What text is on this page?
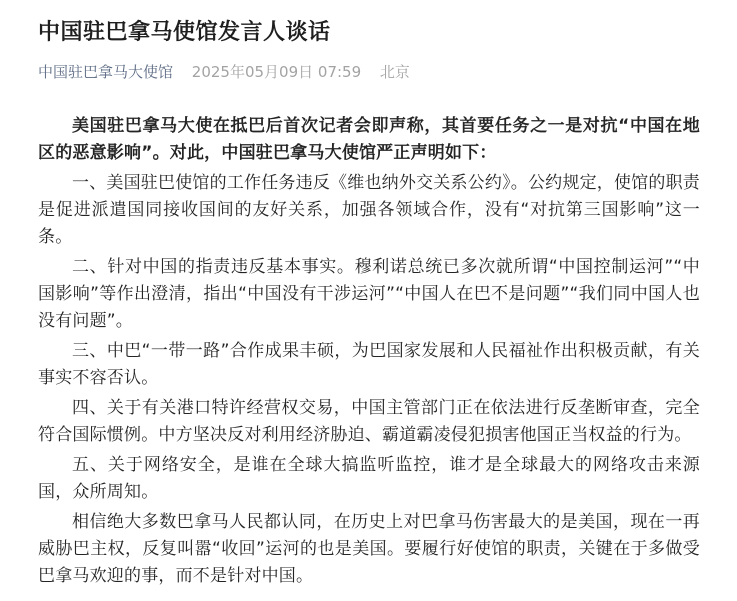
中国驻巴拿马使馆发言人谈话
中国驻巴拿马大使馆 2025年05月09日 07:59 北京

美国驻巴拿马大使在抵巴后首次记者会即声称，其首要任务之一是对抗“中国在地区的恶意影响”。对此，中国驻巴拿马大使馆严正声明如下：

一、美国驻巴使馆的工作任务违反《维也纳外交关系公约》。公约规定，使馆的职责是促进派遣国同接收国间的友好关系，加强各领域合作，没有“对抗第三国影响”这一条。

二、针对中国的指责违反基本事实。穆利诺总统已多次就所谓“中国控制运河”“中国影响”等作出澄清，指出“中国没有干涉运河”“中国人在巴不是问题”“我们同中国人也没有问题”。

三、中巴“一带一路”合作成果丰硕，为巴国家发展和人民福祉作出积极贡献，有关事实不容否认。

四、关于有关港口特许经营权交易，中国主管部门正在依法进行反垄断审查，完全符合国际惯例。中方坚决反对利用经济胁迫、霸道霸凌侵犯损害他国正当权益的行为。

五、关于网络安全，是谁在全球大搞监听监控，谁才是全球最大的网络攻击来源国，众所周知。

相信绝大多数巴拿马人民都认同，在历史上对巴拿马伤害最大的是美国，现在一再威胁巴主权，反复叫嚣“收回”运河的也是美国。要履行好使馆的职责，关键在于多做受巴拿马欢迎的事，而不是针对中国。
